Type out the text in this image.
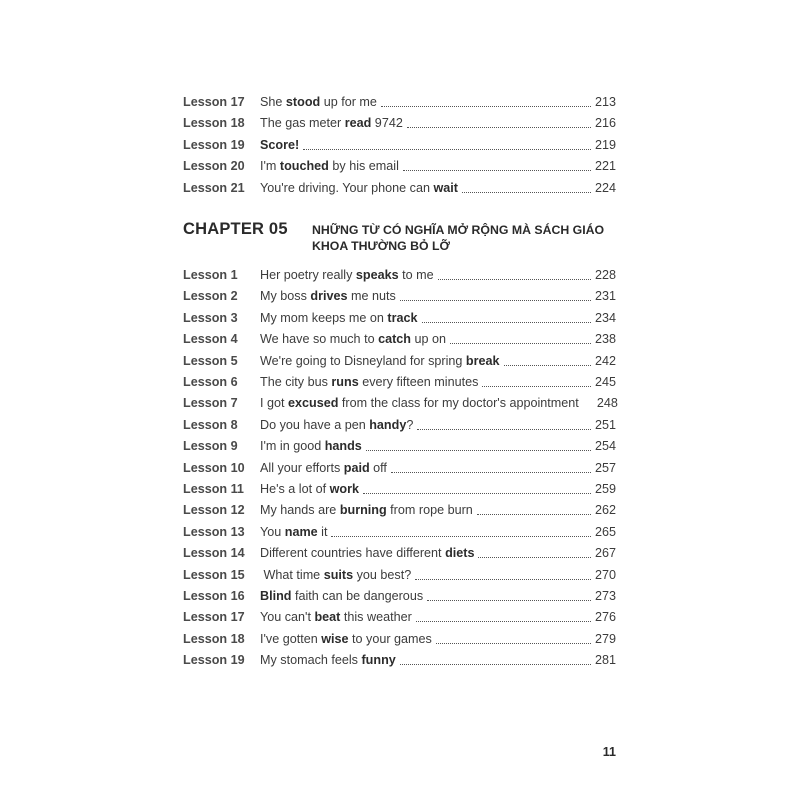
Lesson 17	She stood up for me	213
Lesson 18	The gas meter read 9742	216
Lesson 19	Score!	219
Lesson 20	I'm touched by his email	221
Lesson 21	You're driving. Your phone can wait	224
CHAPTER 05 NHỮNG TỪ CÓ NGHĨA MỞ RỘNG MÀ SÁCH GIÁO KHOA THƯỜNG BỎ LỠ
Lesson 1	Her poetry really speaks to me	228
Lesson 2	My boss drives me nuts	231
Lesson 3	My mom keeps me on track	234
Lesson 4	We have so much to catch up on	238
Lesson 5	We're going to Disneyland for spring break	242
Lesson 6	The city bus runs every fifteen minutes	245
Lesson 7	I got excused from the class for my doctor's appointment 248
Lesson 8	Do you have a pen handy?	251
Lesson 9	I'm in good hands	254
Lesson 10	All your efforts paid off	257
Lesson 11	He's a lot of work	259
Lesson 12	My hands are burning from rope burn	262
Lesson 13	You name it	265
Lesson 14	Different countries have different diets	267
Lesson 15	What time suits you best?	270
Lesson 16	Blind faith can be dangerous	273
Lesson 17	You can't beat this weather	276
Lesson 18	I've gotten wise to your games	279
Lesson 19	My stomach feels funny	281
11
